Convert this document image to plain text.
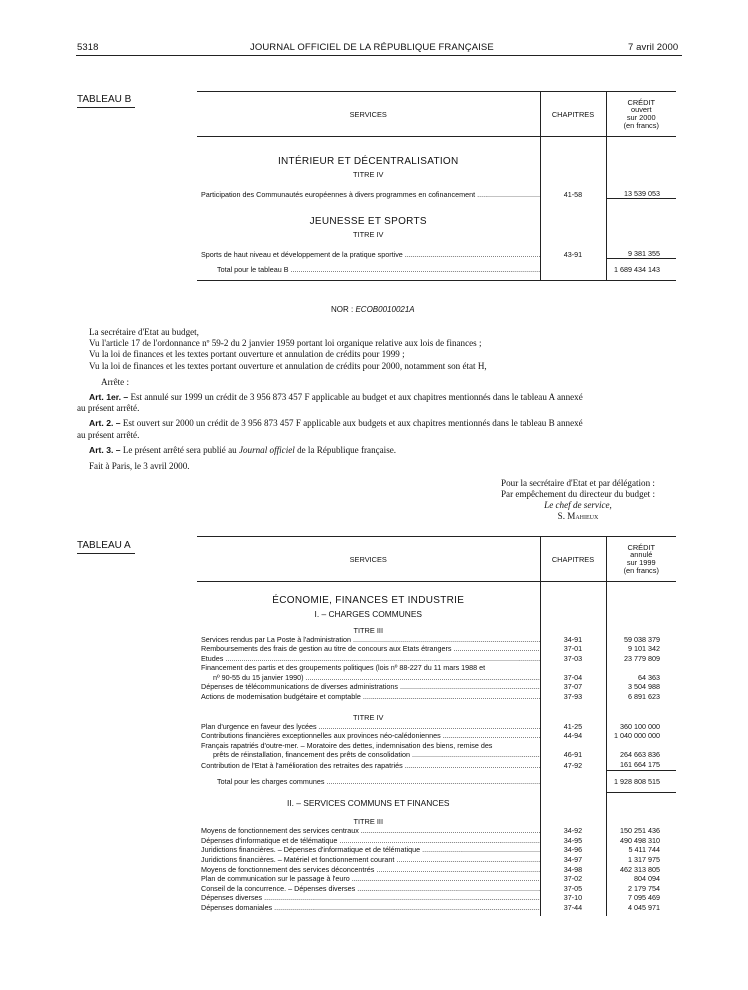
5318	JOURNAL OFFICIEL DE LA RÉPUBLIQUE FRANÇAISE	7 avril 2000
TABLEAU B
SERVICES	CHAPITRES	CRÉDIT
ouvert
sur 2000
(en francs)
INTÉRIEUR ET DÉCENTRALISATION		
TITRE IV		
Participation des Communautés européennes à divers programmes en cofinancement .....	41-58	13 539 053
JEUNESSE ET SPORTS		
TITRE IV		
Sports de haut niveau et développement de la pratique sportive .....	43-91	9 381 355
Total pour le tableau B .....		1 689 434 143
NOR : ECOB0010021A

La secrétaire d'Etat au budget,

Vu l'article 17 de l'ordonnance nº 59-2 du 2 janvier 1959 portant loi organique relative aux lois de finances ;

Vu la loi de finances et les textes portant ouverture et annulation de crédits pour 1999 ;

Vu la loi de finances et les textes portant ouverture et annulation de crédits pour 2000, notamment son état H,

Arrête :

Art. 1er. – Est annulé sur 1999 un crédit de 3 956 873 457 F applicable au budget et aux chapitres mentionnés dans le tableau A annexé

au présent arrêté.

Art. 2. – Est ouvert sur 2000 un crédit de 3 956 873 457 F applicable aux budgets et aux chapitres mentionnés dans le tableau B annexé

au présent arrêté.

Art. 3. – Le présent arrêté sera publié au Journal officiel de la République française.

Fait à Paris, le 3 avril 2000.

Pour la secrétaire d'Etat et par délégation :
Par empêchement du directeur du budget :
Le chef de service,
S. Mahieux
TABLEAU A
SERVICES	CHAPITRES	CRÉDIT
annulé
sur 1999
(en francs)
ÉCONOMIE, FINANCES ET INDUSTRIE		
I. – CHARGES COMMUNES		
TITRE III		
Services rendus par La Poste à l'administration .....	34-91	59 038 379
Remboursements des frais de gestion au titre de concours aux Etats étrangers .....	37-01	9 101 342
Etudes .....	37-03	23 779 809
Financement des partis et des groupements politiques (lois nº 88-227 du 11 mars 1988 et		
nº 90-55 du 15 janvier 1990) .....	37-04	64 363
Dépenses de télécommunications de diverses administrations .....	37-07	3 504 988
Actions de modernisation budgétaire et comptable .....	37-93	6 891 623
TITRE IV		
Plan d'urgence en faveur des lycées .....	41-25	360 100 000
Contributions financières exceptionnelles aux provinces néo-calédoniennes .....	44-94	1 040 000 000
Français rapatriés d'outre-mer. – Moratoire des dettes, indemnisation des biens, remise des		
prêts de réinstallation, financement des prêts de consolidation .....	46-91	264 663 836
Contribution de l'Etat à l'amélioration des retraites des rapatriés .....	47-92	161 664 175
Total pour les charges communes .....		1 928 808 515
II. – SERVICES COMMUNS ET FINANCES		
TITRE III		
Moyens de fonctionnement des services centraux .....	34-92	150 251 436
Dépenses d'informatique et de télématique .....	34-95	490 498 310
Juridictions financières. – Dépenses d'informatique et de télématique .....	34-96	5 411 744
Juridictions financières. – Matériel et fonctionnement courant .....	34-97	1 317 975
Moyens de fonctionnement des services déconcentrés .....	34-98	462 313 805
Plan de communication sur le passage à l'euro .....	37-02	804 094
Conseil de la concurrence. – Dépenses diverses .....	37-05	2 179 754
Dépenses diverses .....	37-10	7 095 469
Dépenses domaniales .....	37-44	4 045 971
